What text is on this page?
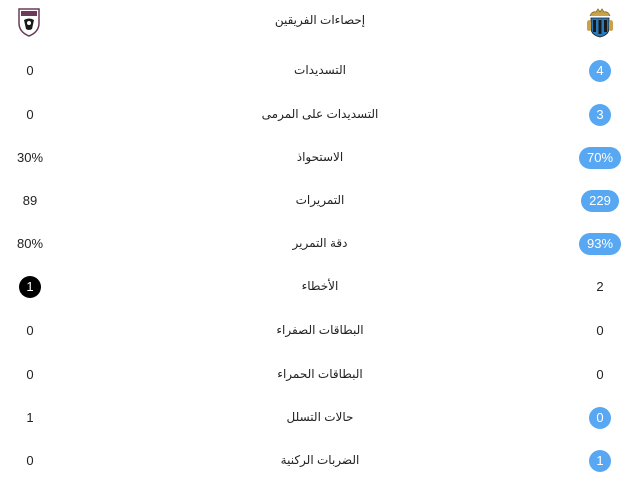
إحصاءات الفريقين
0	التسديدات	4
0	التسديدات على المرمى	3
30%	الاستحواذ	70%
89	التمريرات	229
80%	دقة التمرير	93%
1	الأخطاء	2
0	البطاقات الصفراء	0
0	البطاقات الحمراء	0
1	حالات التسلل	0
0	الضربات الركنية	1
